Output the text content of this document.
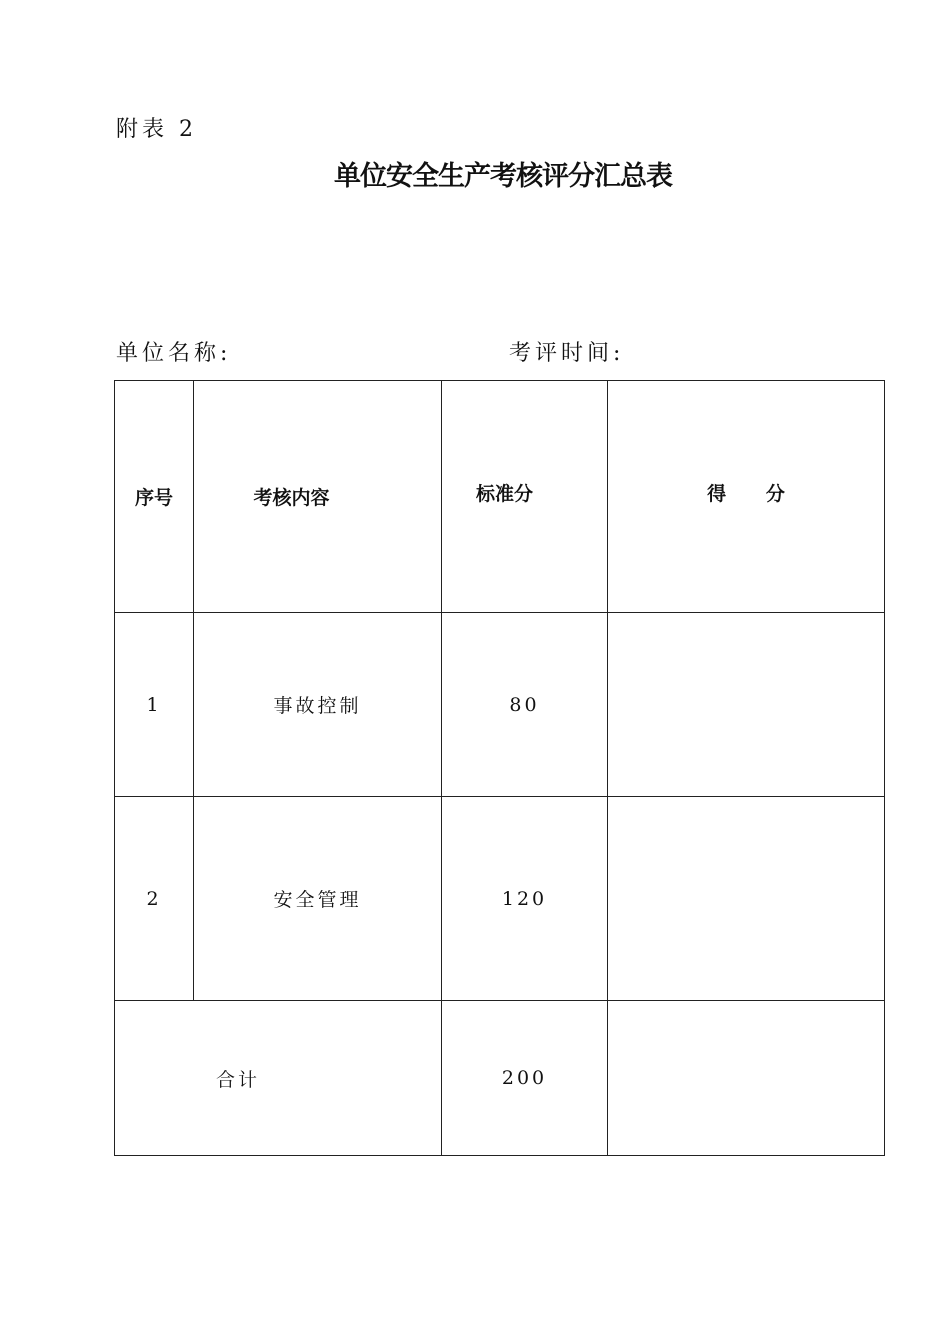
附表 2
单位安全生产考核评分汇总表
单位名称:	考评时间:
序号	考核内容	标准分	得      分
1	事故控制	80	
2	安全管理	120	
合计		200	
